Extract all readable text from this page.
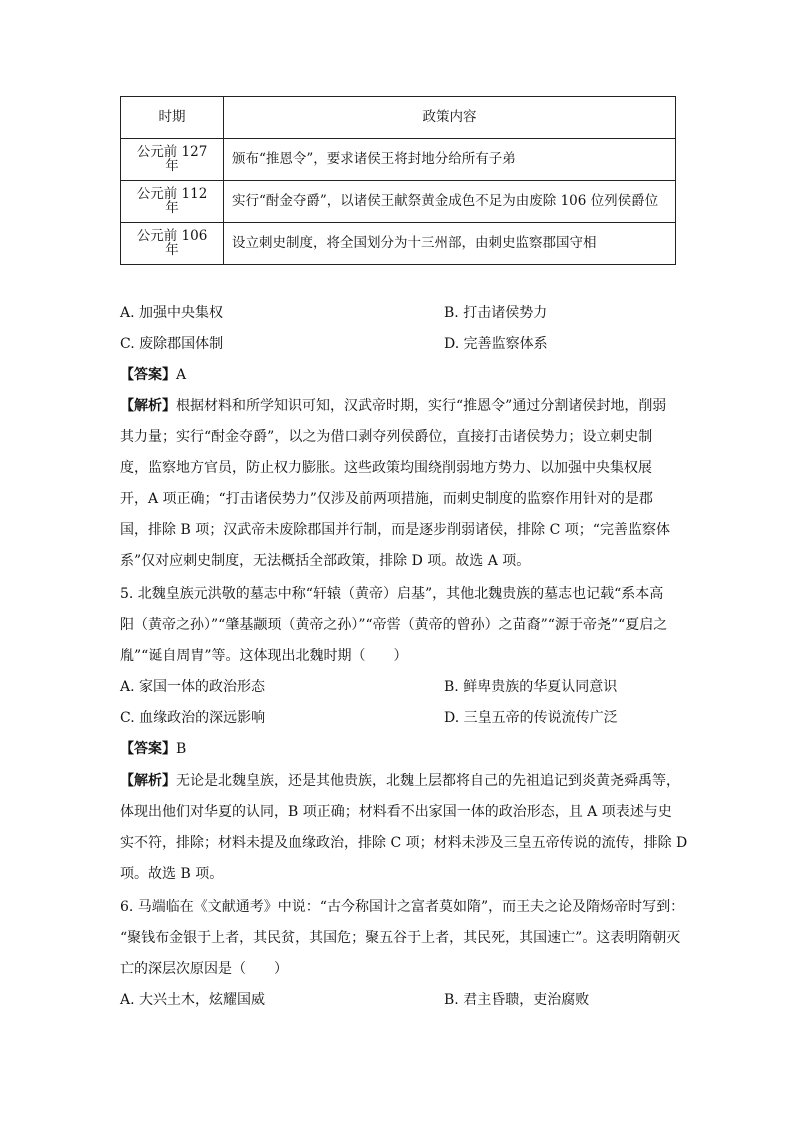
时期	政策内容
公元前 127 年	颁布“推恩令”，要求诸侯王将封地分给所有子弟
公元前 112 年	实行“酎金夺爵”，以诸侯王献祭黄金成色不足为由废除 106 位列侯爵位
公元前 106 年	设立刺史制度，将全国划分为十三州部，由刺史监察郡国守相
A. 加强中央集权	B. 打击诸侯势力
C. 废除郡国体制	D. 完善监察体系
【答案】A
【解析】根据材料和所学知识可知，汉武帝时期，实行“推恩令”通过分割诸侯封地，削弱
其力量；实行“酎金夺爵”，以之为借口剥夺列侯爵位，直接打击诸侯势力；设立刺史制
度，监察地方官员，防止权力膨胀。这些政策均围绕削弱地方势力、以加强中央集权展
开，A 项正确；“打击诸侯势力”仅涉及前两项措施，而刺史制度的监察作用针对的是郡
国，排除 B 项；汉武帝未废除郡国并行制，而是逐步削弱诸侯，排除 C 项；“完善监察体
系”仅对应刺史制度，无法概括全部政策，排除 D 项。故选 A 项。
5. 北魏皇族元洪敬的墓志中称“轩辕（黄帝）启基”，其他北魏贵族的墓志也记载“系本高
阳（黄帝之孙）”“肇基颛顼（黄帝之孙）”“帝喾（黄帝的曾孙）之苗裔”“源于帝尧”“夏启之
胤”“诞自周胄”等。这体现出北魏时期（　　）
A. 家国一体的政治形态	B. 鲜卑贵族的华夏认同意识
C. 血缘政治的深远影响	D. 三皇五帝的传说流传广泛
【答案】B
【解析】无论是北魏皇族，还是其他贵族，北魏上层都将自己的先祖追记到炎黄尧舜禹等，
体现出他们对华夏的认同，B 项正确；材料看不出家国一体的政治形态，且 A 项表述与史
实不符，排除；材料未提及血缘政治，排除 C 项；材料未涉及三皇五帝传说的流传，排除 D
项。故选 B 项。
6. 马端临在《文献通考》中说：“古今称国计之富者莫如隋”，而王夫之论及隋炀帝时写到：
“聚钱布金银于上者，其民贫，其国危；聚五谷于上者，其民死，其国速亡”。这表明隋朝灭
亡的深层次原因是（　　）
A. 大兴土木，炫耀国威	B. 君主昏聩，吏治腐败
